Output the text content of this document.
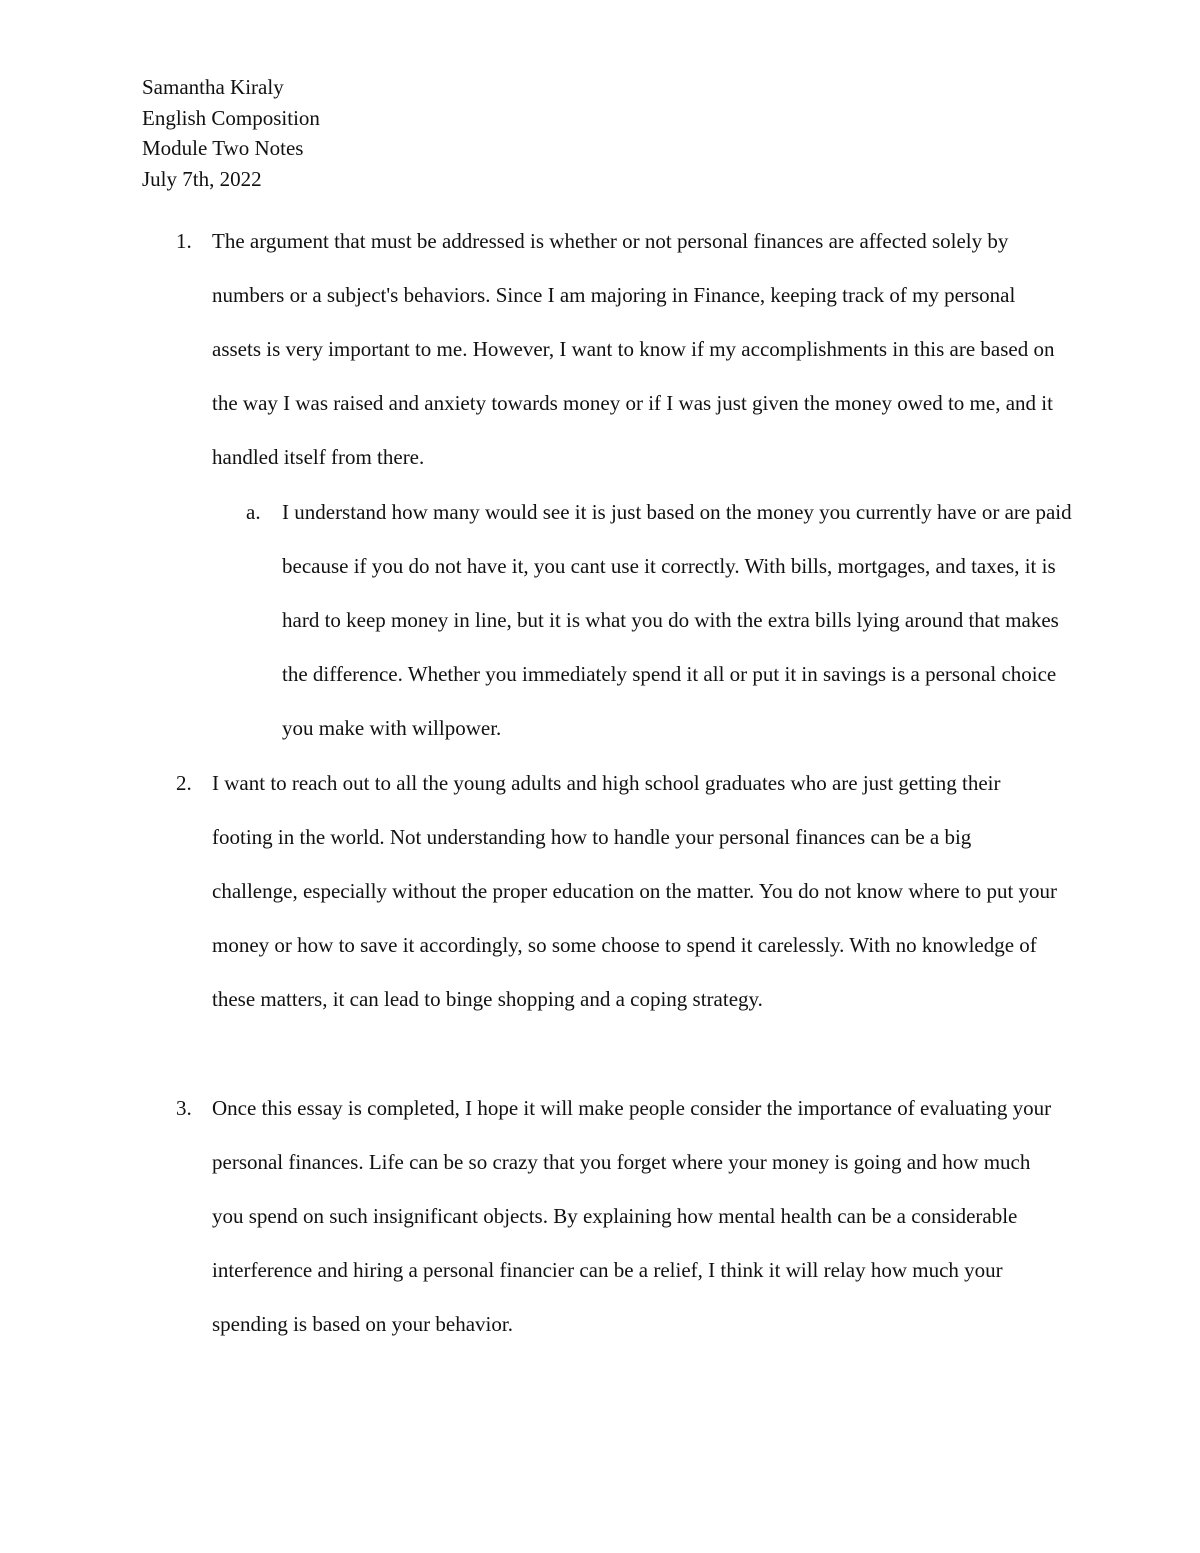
Samantha Kiraly
English Composition
Module Two Notes
July 7th, 2022
1. The argument that must be addressed is whether or not personal finances are affected solely by numbers or a subject's behaviors. Since I am majoring in Finance, keeping track of my personal assets is very important to me. However, I want to know if my accomplishments in this are based on the way I was raised and anxiety towards money or if I was just given the money owed to me, and it handled itself from there.
a. I understand how many would see it is just based on the money you currently have or are paid because if you do not have it, you cant use it correctly. With bills, mortgages, and taxes, it is hard to keep money in line, but it is what you do with the extra bills lying around that makes the difference. Whether you immediately spend it all or put it in savings is a personal choice you make with willpower.
2. I want to reach out to all the young adults and high school graduates who are just getting their footing in the world. Not understanding how to handle your personal finances can be a big challenge, especially without the proper education on the matter. You do not know where to put your money or how to save it accordingly, so some choose to spend it carelessly. With no knowledge of these matters, it can lead to binge shopping and a coping strategy.
3. Once this essay is completed, I hope it will make people consider the importance of evaluating your personal finances. Life can be so crazy that you forget where your money is going and how much you spend on such insignificant objects. By explaining how mental health can be a considerable interference and hiring a personal financier can be a relief, I think it will relay how much your spending is based on your behavior.
